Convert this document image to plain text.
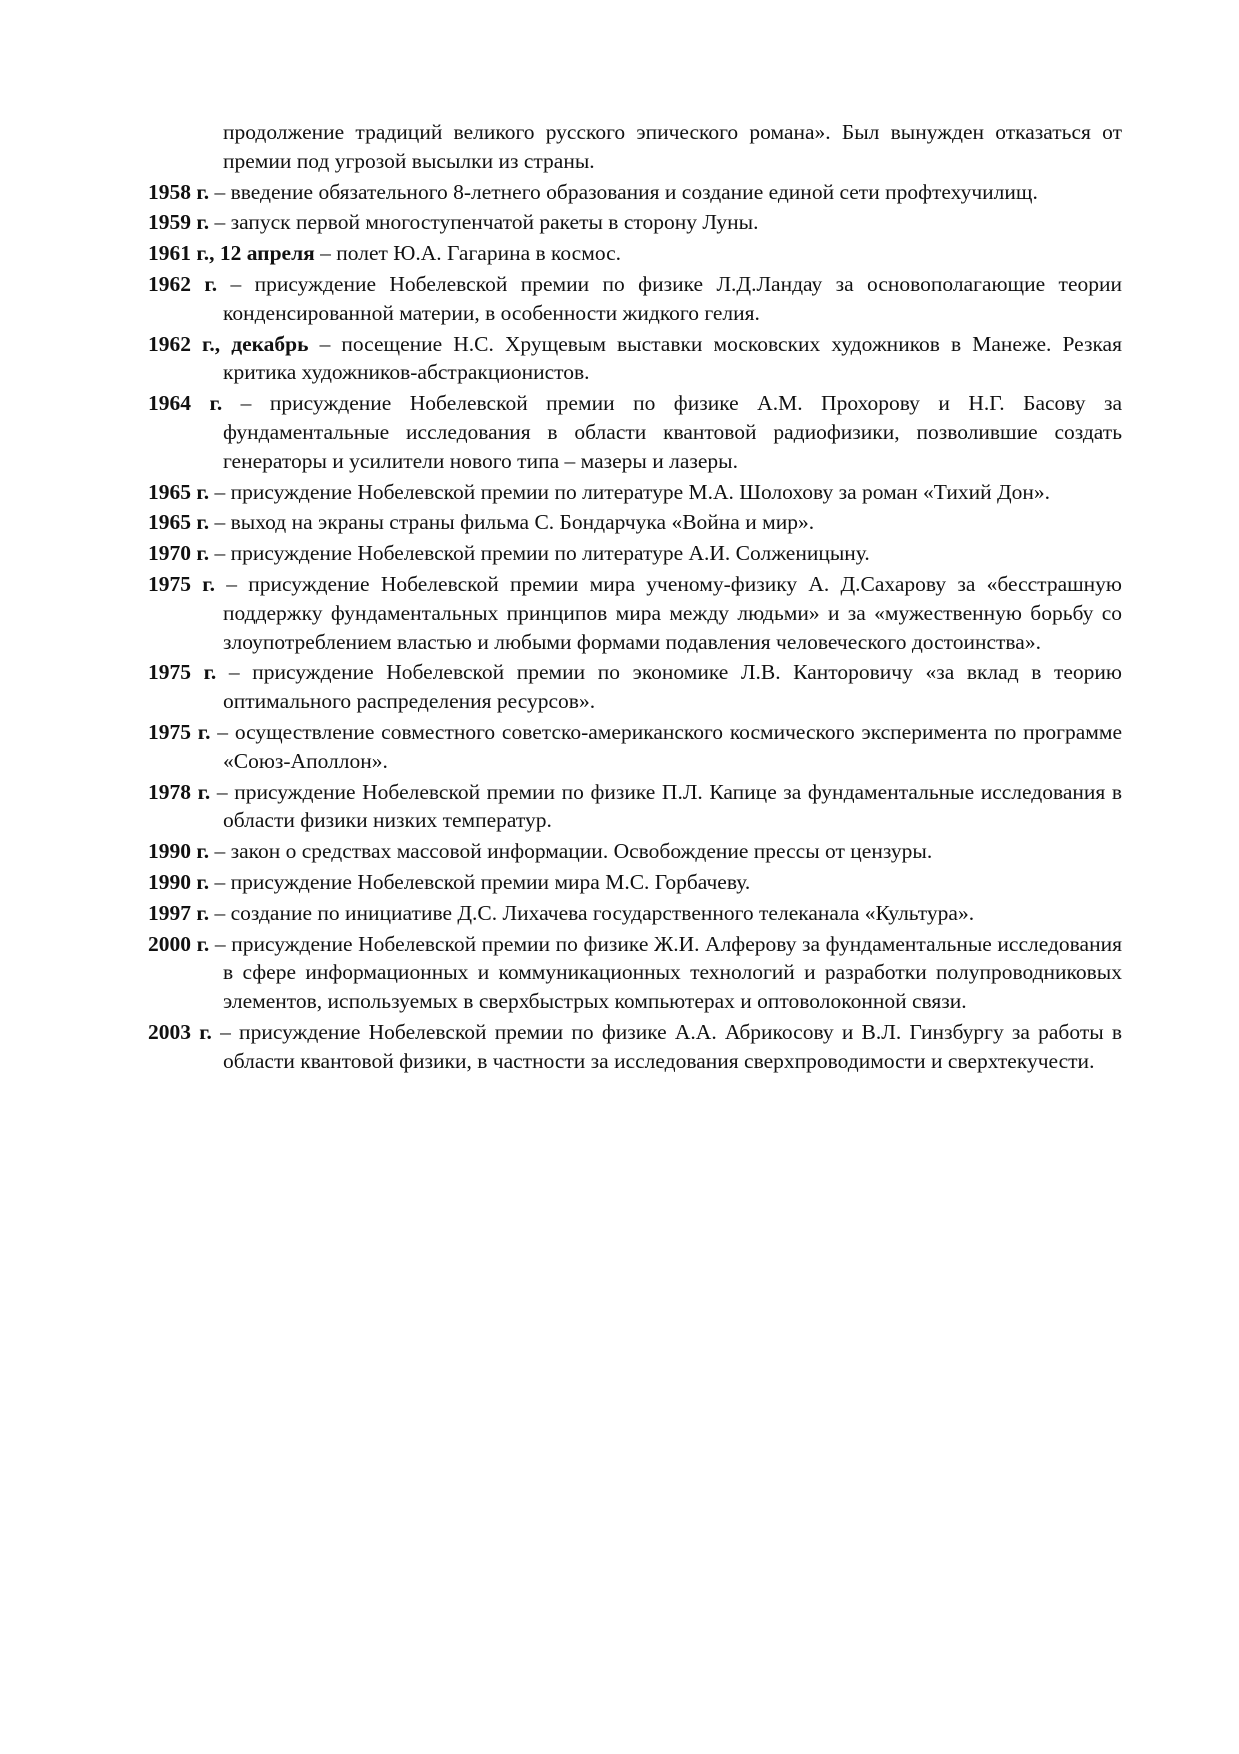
продолжение традиций великого русского эпического романа». Был вынужден отказаться от премии под угрозой высылки из страны.
1958 г. – введение обязательного 8-летнего образования и создание единой сети профтехучилищ.
1959 г. – запуск первой многоступенчатой ракеты в сторону Луны.
1961 г., 12 апреля – полет Ю.А. Гагарина в космос.
1962 г. – присуждение Нобелевской премии по физике Л.Д.Ландау за основополагающие теории конденсированной материи, в особенности жидкого гелия.
1962 г., декабрь – посещение Н.С. Хрущевым выставки московских художников в Манеже. Резкая критика художников-абстракционистов.
1964 г. – присуждение Нобелевской премии по физике А.М. Прохорову и Н.Г. Басову за фундаментальные исследования в области квантовой радиофизики, позволившие создать генераторы и усилители нового типа – мазеры и лазеры.
1965 г. – присуждение Нобелевской премии по литературе М.А. Шолохову за роман «Тихий Дон».
1965 г. – выход на экраны страны фильма С. Бондарчука «Война и мир».
1970 г. – присуждение Нобелевской премии по литературе А.И. Солженицыну.
1975 г. – присуждение Нобелевской премии мира ученому-физику А. Д.Сахарову за «бесстрашную поддержку фундаментальных принципов мира между людьми» и за «мужественную борьбу со злоупотреблением властью и любыми формами подавления человеческого достоинства».
1975 г. – присуждение Нобелевской премии по экономике Л.В. Канторовичу «за вклад в теорию оптимального распределения ресурсов».
1975 г. – осуществление совместного советско-американского космического эксперимента по программе «Союз-Аполлон».
1978 г. – присуждение Нобелевской премии по физике П.Л. Капице за фундаментальные исследования в области физики низких температур.
1990 г. – закон о средствах массовой информации. Освобождение прессы от цензуры.
1990 г. – присуждение Нобелевской премии мира М.С. Горбачеву.
1997 г. – создание по инициативе Д.С. Лихачева государственного телеканала «Культура».
2000 г. – присуждение Нобелевской премии по физике Ж.И. Алферову за фундаментальные исследования в сфере информационных и коммуникационных технологий и разработки полупроводниковых элементов, используемых в сверхбыстрых компьютерах и оптоволоконной связи.
2003 г. – присуждение Нобелевской премии по физике А.А. Абрикосову и В.Л. Гинзбургу за работы в области квантовой физики, в частности за исследования сверхпроводимости и сверхтекучести.
